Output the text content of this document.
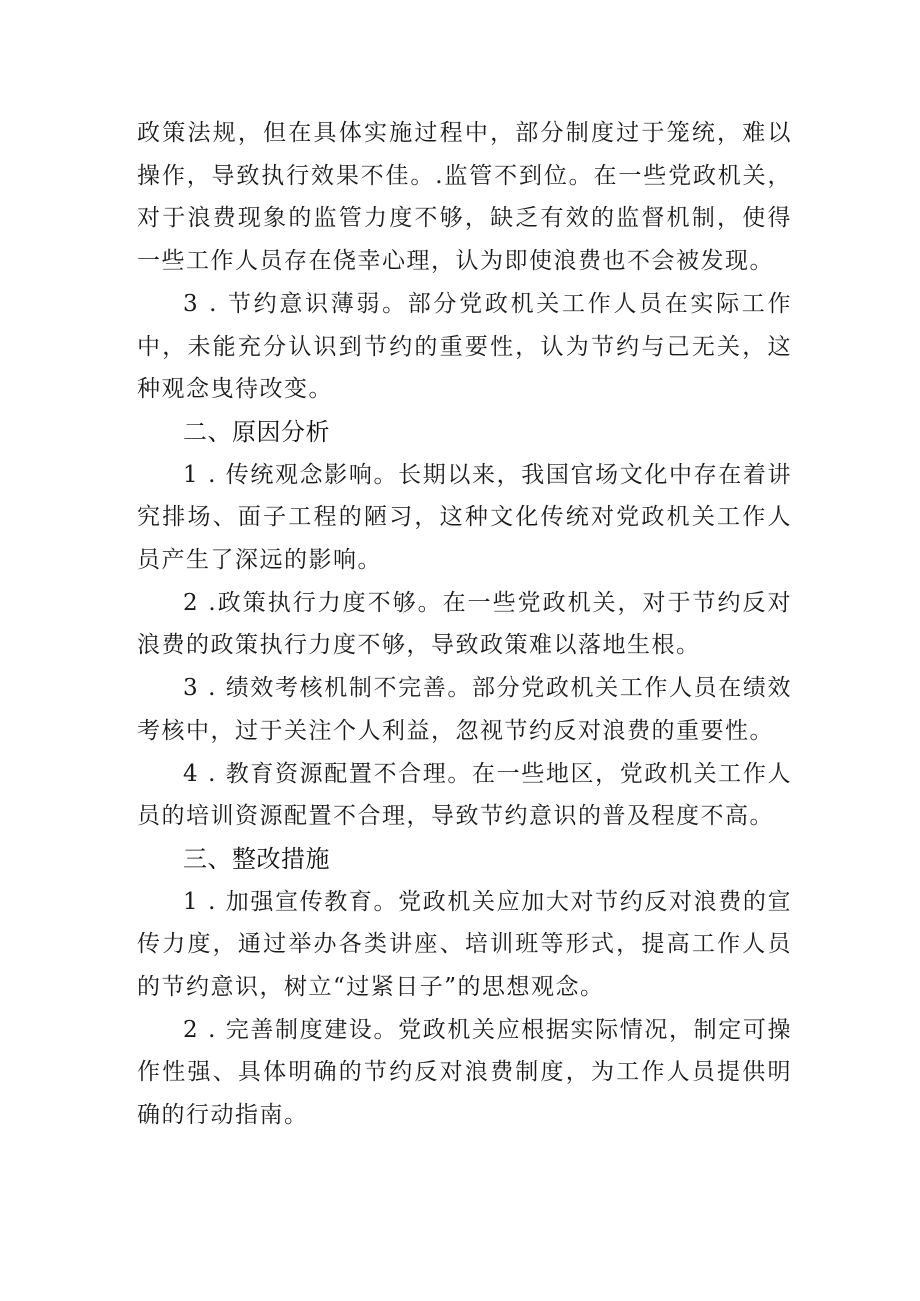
政策法规，但在具体实施过程中，部分制度过于笼统，难以操作，导致执行效果不佳。.监管不到位。在一些党政机关，对于浪费现象的监管力度不够，缺乏有效的监督机制，使得一些工作人员存在侥幸心理，认为即使浪费也不会被发现。

3 . 节约意识薄弱。部分党政机关工作人员在实际工作中，未能充分认识到节约的重要性，认为节约与己无关，这种观念曳待改变。

二、原因分析

1 . 传统观念影响。长期以来，我国官场文化中存在着讲究排场、面子工程的陋习，这种文化传统对党政机关工作人员产生了深远的影响。

2 .政策执行力度不够。在一些党政机关，对于节约反对浪费的政策执行力度不够，导致政策难以落地生根。

3 . 绩效考核机制不完善。部分党政机关工作人员在绩效考核中，过于关注个人利益，忽视节约反对浪费的重要性。

4 . 教育资源配置不合理。在一些地区，党政机关工作人员的培训资源配置不合理，导致节约意识的普及程度不高。

三、整改措施

1 . 加强宣传教育。党政机关应加大对节约反对浪费的宣传力度，通过举办各类讲座、培训班等形式，提高工作人员的节约意识，树立“过紧日子”的思想观念。

2 . 完善制度建设。党政机关应根据实际情况，制定可操作性强、具体明确的节约反对浪费制度，为工作人员提供明确的行动指南。
